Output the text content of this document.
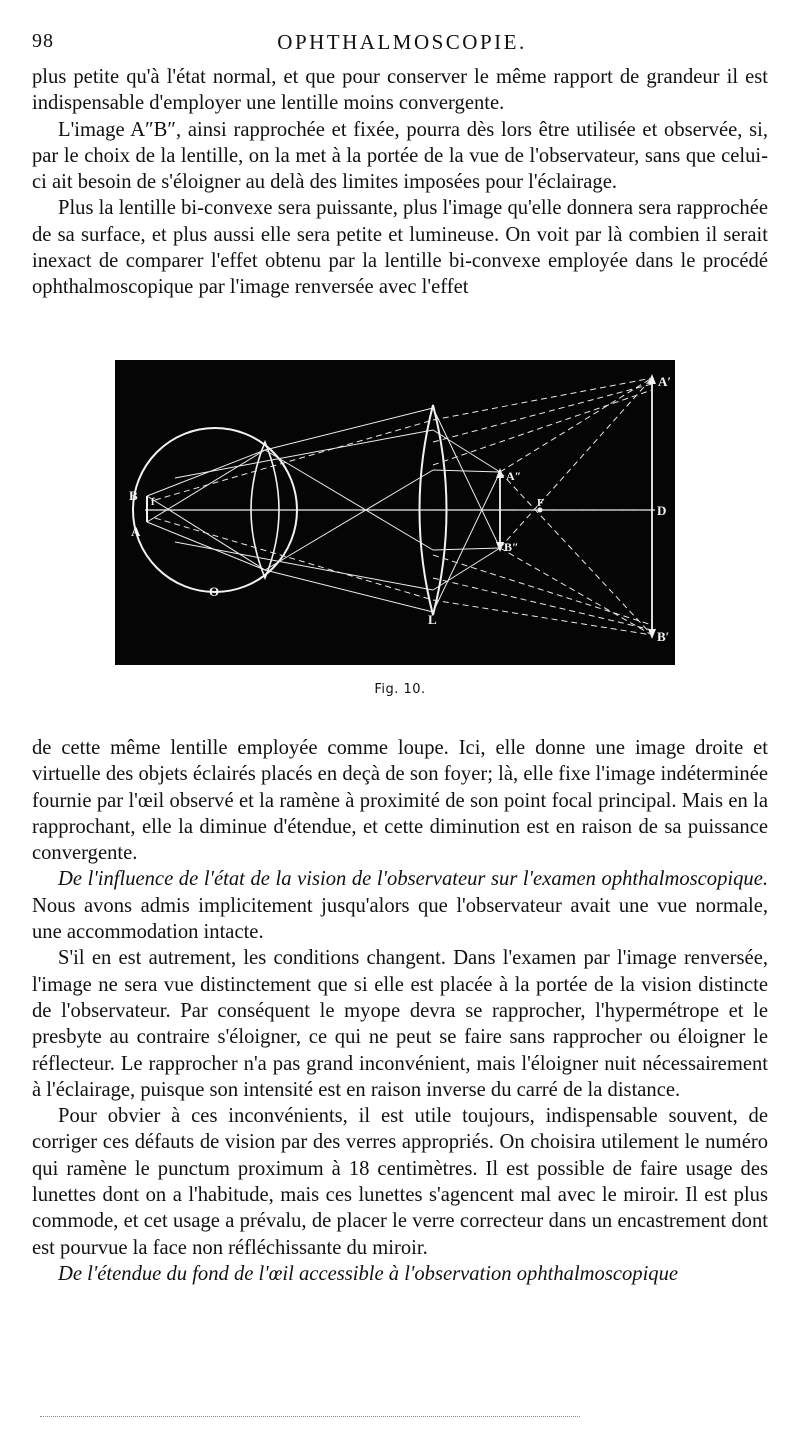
98	OPHTHALMOSCOPIE.

plus petite qu'à l'état normal, et que pour conserver le même rapport de grandeur il est indispensable d'employer une lentille moins convergente.

L'image A″B″, ainsi rapprochée et fixée, pourra dès lors être utilisée et observée, si, par le choix de la lentille, on la met à la portée de la vue de l'observateur, sans que celui-ci ait besoin de s'éloigner au delà des limites imposées pour l'éclairage.

Plus la lentille bi-convexe sera puissante, plus l'image qu'elle donnera sera rapprochée de sa surface, et plus aussi elle sera petite et lumineuse. On voit par là combien il serait inexact de comparer l'effet obtenu par la lentille bi-convexe employée dans le procédé ophthalmoscopique par l'image renversée avec l'effet

B
A
f
O
L
A″
B″
F	D
A′
B′
Fig. 10.

de cette même lentille employée comme loupe. Ici, elle donne une image droite et virtuelle des objets éclairés placés en deçà de son foyer; là, elle fixe l'image indéterminée fournie par l'œil observé et la ramène à proximité de son point focal principal. Mais en la rapprochant, elle la diminue d'étendue, et cette diminution est en raison de sa puissance convergente.

De l'influence de l'état de la vision de l'observateur sur l'examen ophthalmoscopique. Nous avons admis implicitement jusqu'alors que l'observateur avait une vue normale, une accommodation intacte.

S'il en est autrement, les conditions changent. Dans l'examen par l'image renversée, l'image ne sera vue distinctement que si elle est placée à la portée de la vision distincte de l'observateur. Par conséquent le myope devra se rapprocher, l'hypermétrope et le presbyte au contraire s'éloigner, ce qui ne peut se faire sans rapprocher ou éloigner le réflecteur. Le rapprocher n'a pas grand inconvénient, mais l'éloigner nuit nécessairement à l'éclairage, puisque son intensité est en raison inverse du carré de la distance.

Pour obvier à ces inconvénients, il est utile toujours, indispensable souvent, de corriger ces défauts de vision par des verres appropriés. On choisira utilement le numéro qui ramène le punctum proximum à 18 centimètres. Il est possible de faire usage des lunettes dont on a l'habitude, mais ces lunettes s'agencent mal avec le miroir. Il est plus commode, et cet usage a prévalu, de placer le verre correcteur dans un encastrement dont est pourvue la face non réfléchissante du miroir.

De l'étendue du fond de l'œil accessible à l'observation ophthalmoscopique
